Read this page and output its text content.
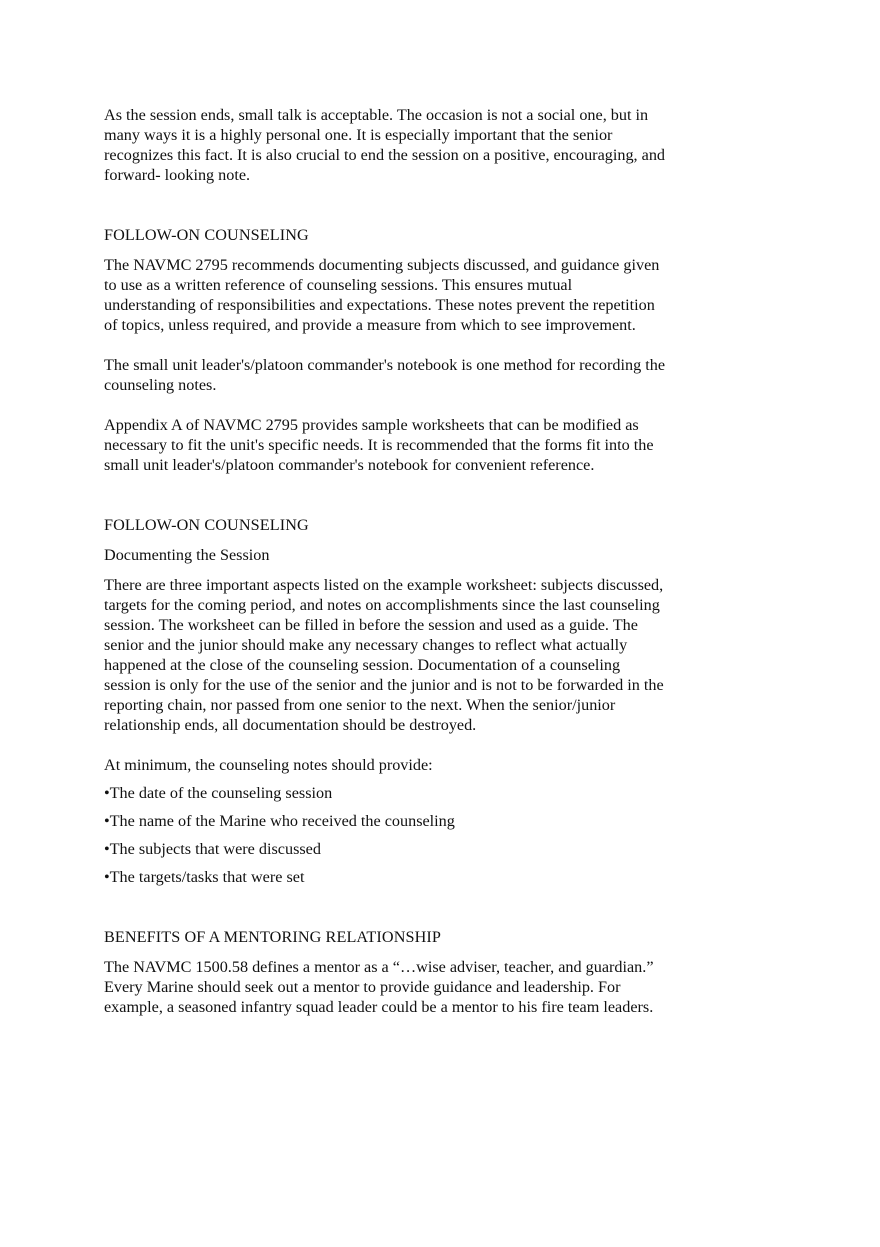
As the session ends, small talk is acceptable. The occasion is not a social one, but in
many ways it is a highly personal one. It is especially important that the senior
recognizes this fact. It is also crucial to end the session on a positive, encouraging, and
forward- looking note.

FOLLOW-ON COUNSELING

The NAVMC 2795 recommends documenting subjects discussed, and guidance given
to use as a written reference of counseling sessions. This ensures mutual
understanding of responsibilities and expectations. These notes prevent the repetition
of topics, unless required, and provide a measure from which to see improvement.

The small unit leader's/platoon commander's notebook is one method for recording the
counseling notes.

Appendix A of NAVMC 2795 provides sample worksheets that can be modified as
necessary to fit the unit's specific needs. It is recommended that the forms fit into the
small unit leader's/platoon commander's notebook for convenient reference.

FOLLOW-ON COUNSELING

Documenting the Session

There are three important aspects listed on the example worksheet: subjects discussed,
targets for the coming period, and notes on accomplishments since the last counseling
session. The worksheet can be filled in before the session and used as a guide. The
senior and the junior should make any necessary changes to reflect what actually
happened at the close of the counseling session. Documentation of a counseling
session is only for the use of the senior and the junior and is not to be forwarded in the
reporting chain, nor passed from one senior to the next. When the senior/junior
relationship ends, all documentation should be destroyed.

At minimum, the counseling notes should provide:

•The date of the counseling session

•The name of the Marine who received the counseling

•The subjects that were discussed

•The targets/tasks that were set

BENEFITS OF A MENTORING RELATIONSHIP

The NAVMC 1500.58 defines a mentor as a “…wise adviser, teacher, and guardian.”
Every Marine should seek out a mentor to provide guidance and leadership. For
example, a seasoned infantry squad leader could be a mentor to his fire team leaders.
